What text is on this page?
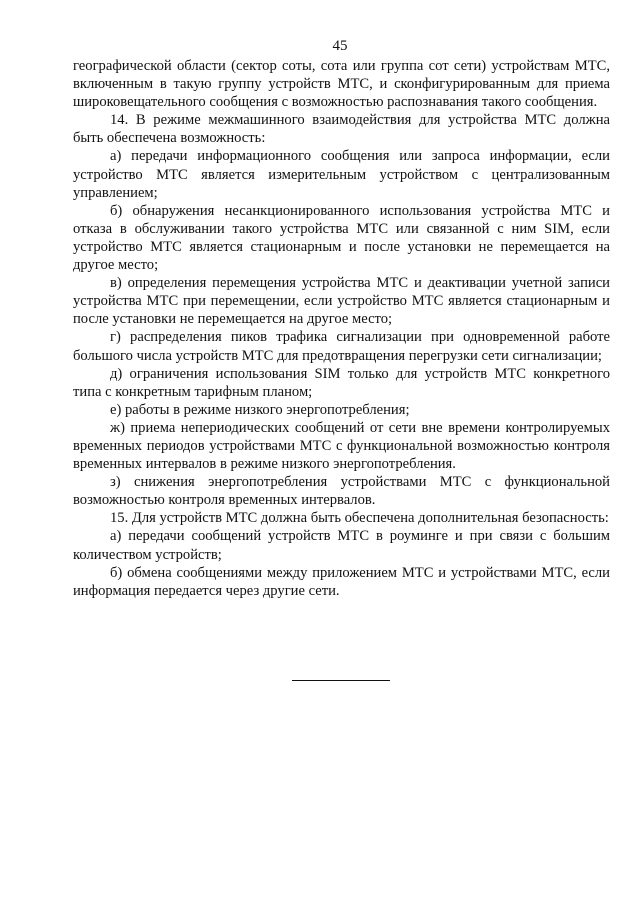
45

географической области (сектор соты, сота или группа сот сети) устройствам МТС, включенным в такую группу устройств МТС, и сконфигурированным для приема широковещательного сообщения с возможностью распознавания такого сообщения.

14. В режиме межмашинного взаимодействия для устройства МТС должна быть обеспечена возможность:

а) передачи информационного сообщения или запроса информации, если устройство МТС является измерительным устройством с централизованным управлением;

б) обнаружения несанкционированного использования устройства МТС и отказа в обслуживании такого устройства МТС или связанной с ним SIM, если устройство МТС является стационарным и после установки не перемещается на другое место;

в) определения перемещения устройства МТС и деактивации учетной записи устройства МТС при перемещении, если устройство МТС является стационарным и после установки не перемещается на другое место;

г) распределения пиков трафика сигнализации при одновременной работе большого числа устройств МТС для предотвращения перегрузки сети сигнализации;

д) ограничения использования SIM только для устройств МТС конкретного типа с конкретным тарифным планом;

е) работы в режиме низкого энергопотребления;

ж) приема непериодических сообщений от сети вне времени контролируемых временных периодов устройствами МТС с функциональной возможностью контроля временных интервалов в режиме низкого энергопотребления.

з) снижения энергопотребления устройствами МТС с функциональной возможностью контроля временных интервалов.

15. Для устройств МТС должна быть обеспечена дополнительная безопасность:

а) передачи сообщений устройств МТС в роуминге и при связи с большим количеством устройств;

б) обмена сообщениями между приложением МТС и устройствами МТС, если информация передается через другие сети.
